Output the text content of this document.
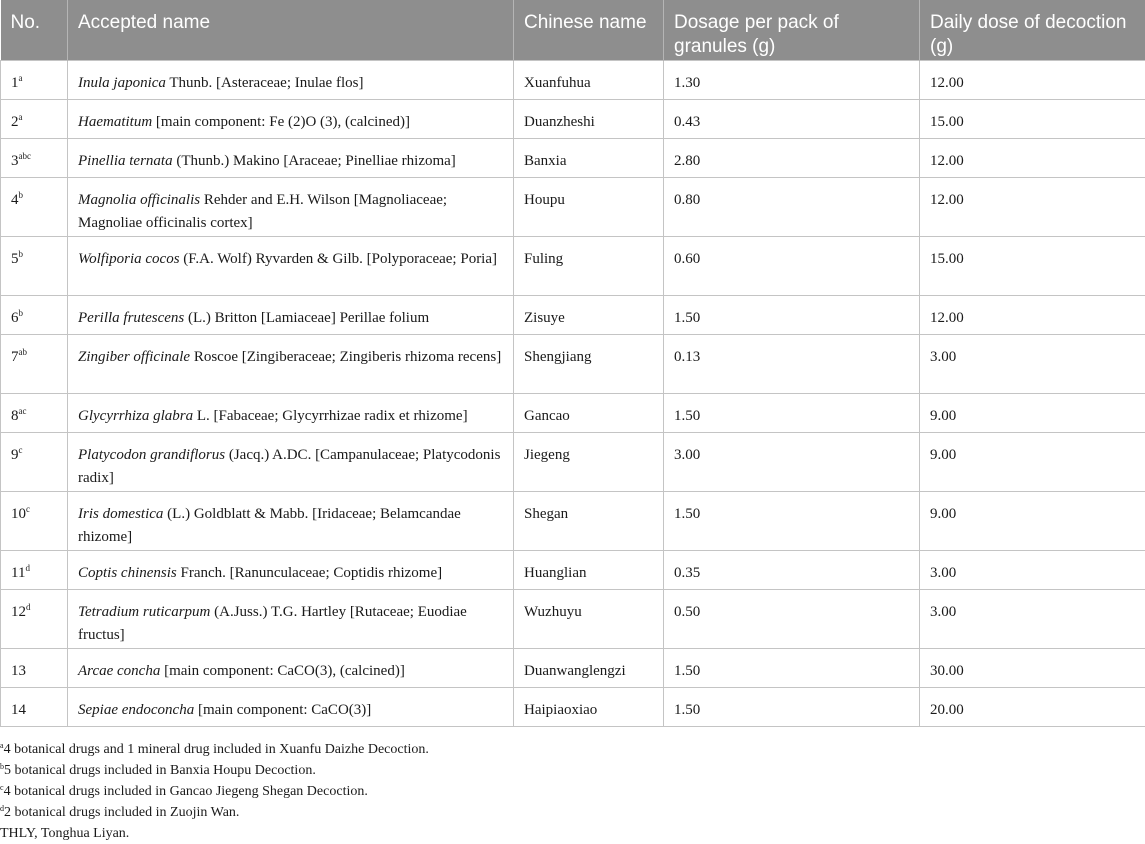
No.	Accepted name	Chinese name	Dosage per pack of granules (g)	Daily dose of decoction (g)
1$^a$	Inula japonica Thunb. [Asteraceae; Inulae flos]	Xuanfuhua	1.30	12.00
2$^a$	Haematitum [main component: Fe (2)O (3), (calcined)]	Duanzheshi	0.43	15.00
3$^{abc}$	Pinellia ternata (Thunb.) Makino [Araceae; Pinelliae rhizoma]	Banxia	2.80	12.00
4$^b$	Magnolia officinalis Rehder and E.H. Wilson [Magnoliaceae; Magnoliae officinalis cortex]	Houpu	0.80	12.00
5$^b$	Wolfiporia cocos (F.A. Wolf) Ryvarden & Gilb. [Polyporaceae; Poria]	Fuling	0.60	15.00
6$^b$	Perilla frutescens (L.) Britton [Lamiaceae] Perillae folium	Zisuye	1.50	12.00
7$^{ab}$	Zingiber officinale Roscoe [Zingiberaceae; Zingiberis rhizoma recens]	Shengjiang	0.13	3.00
8$^{ac}$	Glycyrrhiza glabra L. [Fabaceae; Glycyrrhizae radix et rhizome]	Gancao	1.50	9.00
9$^c$	Platycodon grandiflorus (Jacq.) A.DC. [Campanulaceae; Platycodonis radix]	Jiegeng	3.00	9.00
10$^c$	Iris domestica (L.) Goldblatt & Mabb. [Iridaceae; Belamcandae rhizome]	Shegan	1.50	9.00
11$^d$	Coptis chinensis Franch. [Ranunculaceae; Coptidis rhizome]	Huanglian	0.35	3.00
12$^d$	Tetradium ruticarpum (A.Juss.) T.G. Hartley [Rutaceae; Euodiae fructus]	Wuzhuyu	0.50	3.00
13	Arcae concha [main component: CaCO(3), (calcined)]	Duanwanglengzi	1.50	30.00
14	Sepiae endoconcha [main component: CaCO(3)]	Haipiaoxiao	1.50	20.00

$^a$4 botanical drugs and 1 mineral drug included in Xuanfu Daizhe Decoction.

$^b$5 botanical drugs included in Banxia Houpu Decoction.

$^c$4 botanical drugs included in Gancao Jiegeng Shegan Decoction.

$^d$2 botanical drugs included in Zuojin Wan.

THLY, Tonghua Liyan.
